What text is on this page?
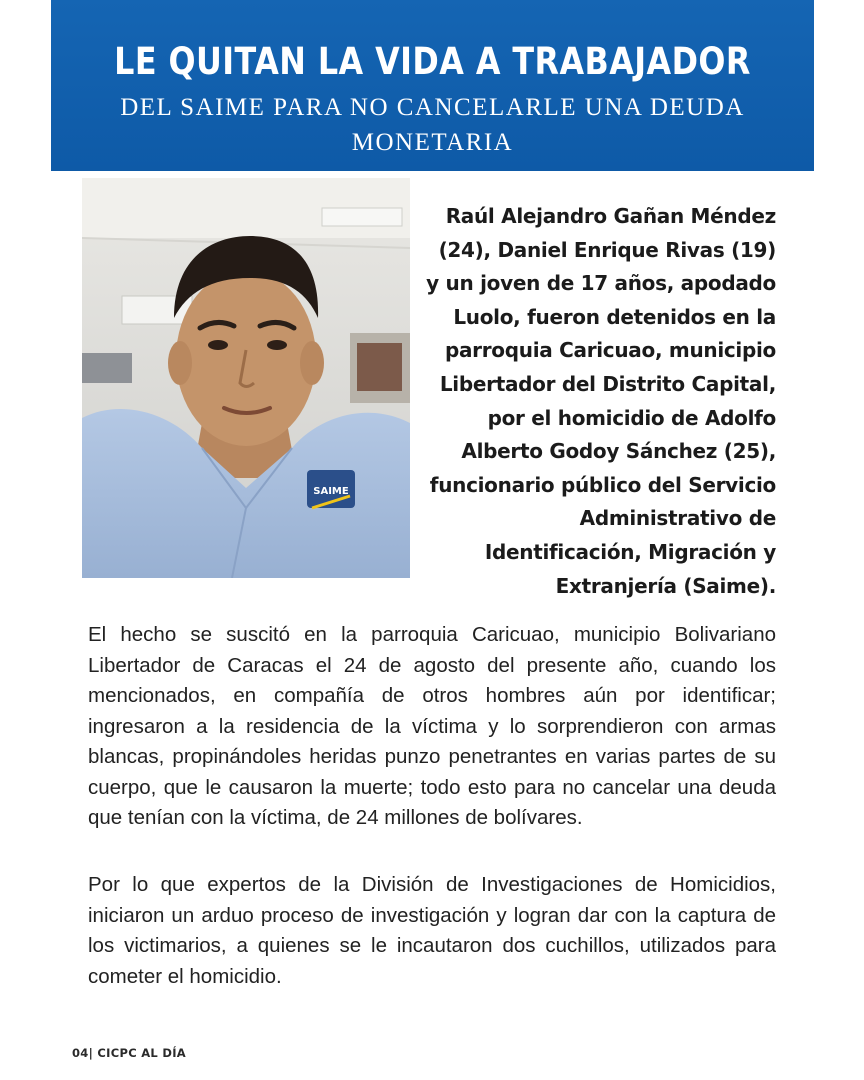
LE QUITAN LA VIDA A TRABAJADOR
DEL SAIME PARA NO CANCELARLE UNA DEUDA MONETARIA
SAIME

Raúl Alejandro Gañan Méndez (24), Daniel Enrique Rivas (19) y un joven de 17 años, apodado Luolo, fueron detenidos en la parroquia Caricuao, municipio Libertador del Distrito Capital, por el homicidio de Adolfo Alberto Godoy Sánchez (25), funcionario público del Servicio Administrativo de Identificación, Migración y Extranjería (Saime).

El hecho se suscitó en la parroquia Caricuao, municipio Bolivariano Libertador de Caracas el 24 de agosto del presente año, cuando los mencionados, en compañía de otros hombres aún por identificar; ingresaron a la residencia de la víctima y lo sorprendieron con armas blancas, propinándoles heridas punzo penetrantes en varias partes de su cuerpo, que le causaron la muerte; todo esto para no cancelar una deuda que tenían con la víctima, de 24 millones de bolívares.

Por lo que expertos de la División de Investigaciones de Homicidios, iniciaron un arduo proceso de investigación y logran dar con la captura de los victimarios, a quienes se le incautaron dos cuchillos, utilizados para cometer el homicidio.

04| CICPC AL DÍA
